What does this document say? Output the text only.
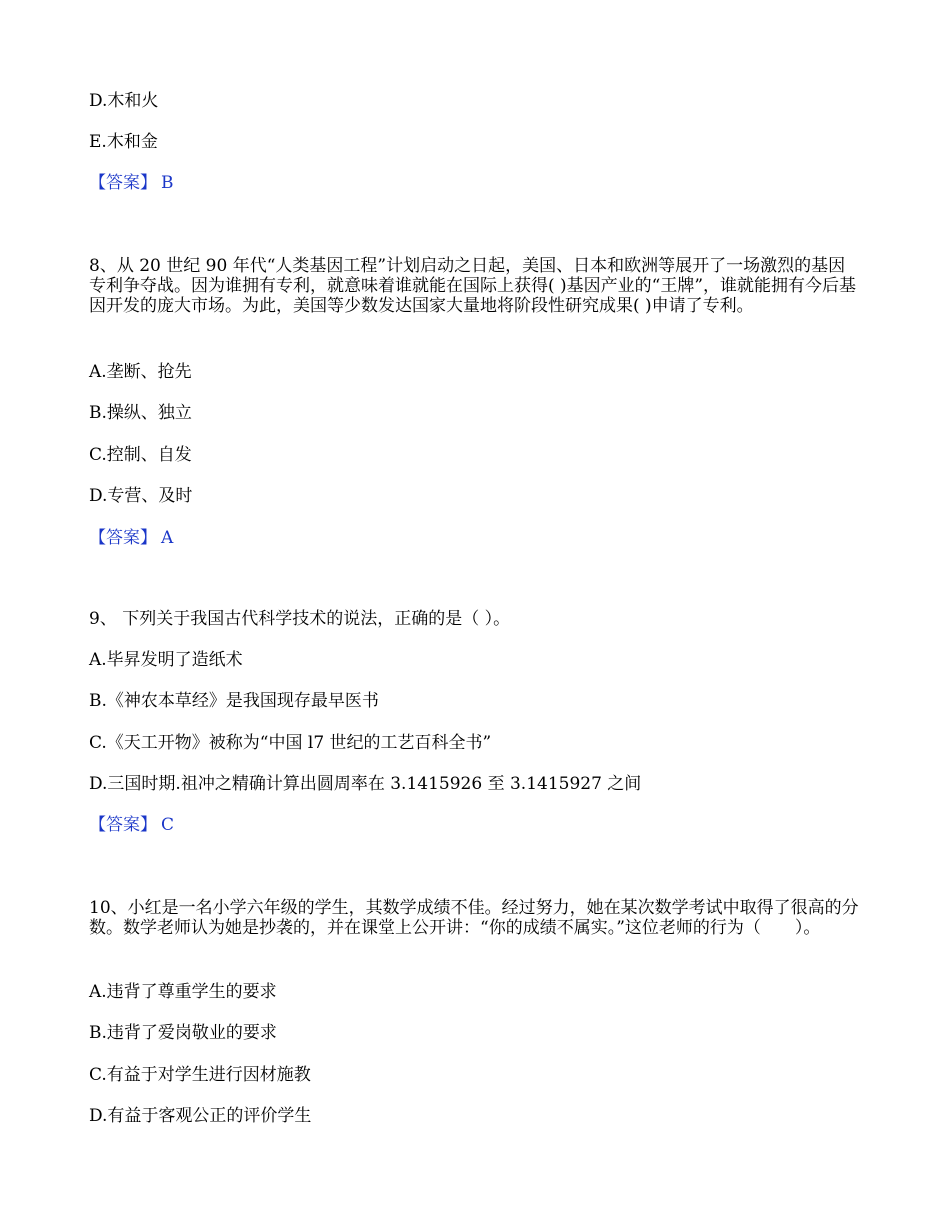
D.木和火
E.木和金
【答案】 B
8、从 20 世纪 90 年代“人类基因工程”计划启动之日起，美国、日本和欧洲等展开了一场激烈的基因专利争夺战。因为谁拥有专利，就意味着谁就能在国际上获得( )基因产业的“王牌”，谁就能拥有今后基因开发的庞大市场。为此，美国等少数发达国家大量地将阶段性研究成果( )申请了专利。
A.垄断、抢先
B.操纵、独立
C.控制、自发
D.专营、及时
【答案】 A
9、 下列关于我国古代科学技术的说法，正确的是（ ）。
A.毕昇发明了造纸术
B.《神农本草经》是我国现存最早医书
C.《天工开物》被称为“中国 l7 世纪的工艺百科全书”
D.三国时期.祖冲之精确计算出圆周率在 3.1415926 至 3.1415927 之间
【答案】 C
10、小红是一名小学六年级的学生，其数学成绩不佳。经过努力，她在某次数学考试中取得了很高的分数。数学老师认为她是抄袭的，并在课堂上公开讲：“你的成绩不属实。”这位老师的行为（　　）。
A.违背了尊重学生的要求
B.违背了爱岗敬业的要求
C.有益于对学生进行因材施教
D.有益于客观公正的评价学生
